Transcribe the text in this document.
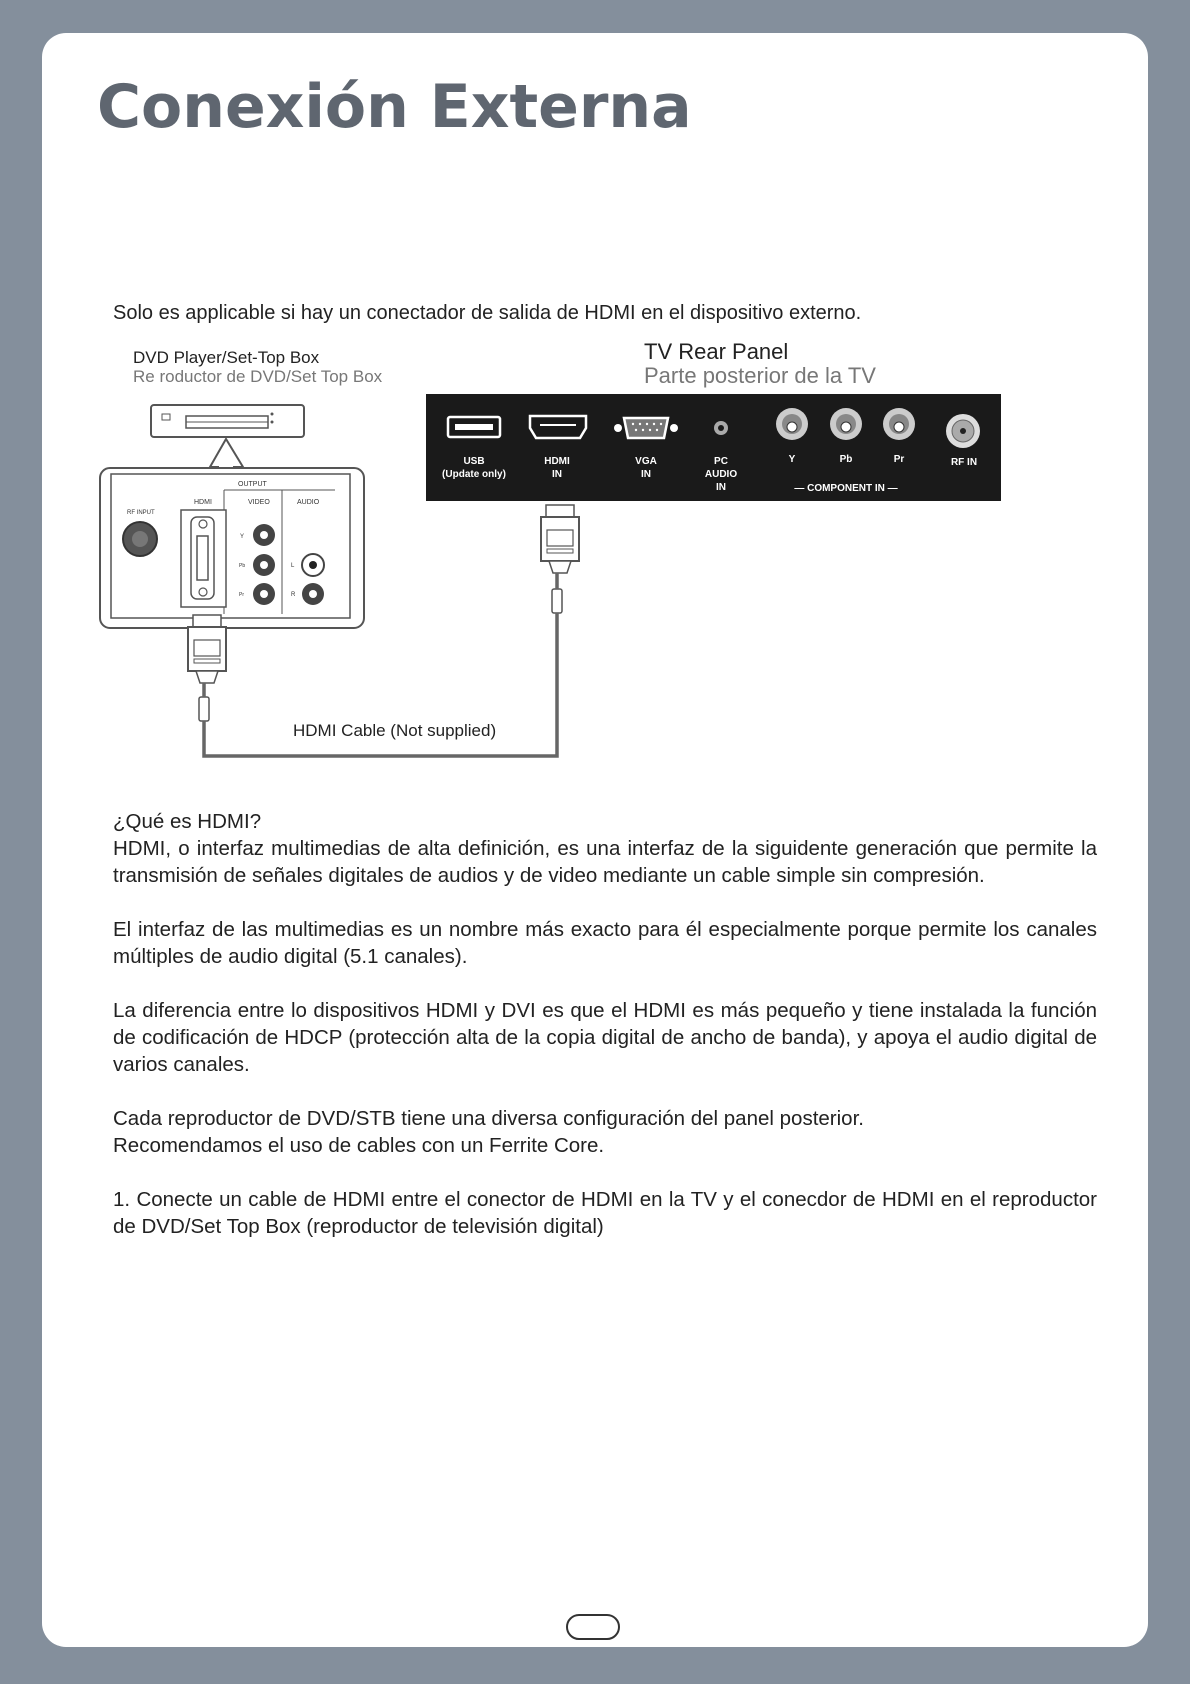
Conexión Externa
Solo es applicable si hay un conectador de salida de HDMI en el dispositivo externo.
DVD Player/Set-Top Box
Re roductor de DVD/Set Top Box
TV Rear Panel
Parte posterior de la TV
OUTPUT
RF INPUT
HDMI	VIDEO	AUDIO
Y
Pb
Pr
L
R
USB
(Update only)
HDMI
IN
VGA
IN
PC
AUDIO
IN
Y	Pb	Pr	RF IN
— COMPONENT IN —
HDMI Cable (Not supplied)

¿Qué es HDMI?
HDMI, o interfaz multimedias de alta definición, es una interfaz de la siguidente generación que permite la transmisión de señales digitales de audios y de video mediante un cable simple sin compresión.

El interfaz de las multimedias es un nombre más exacto para él especialmente porque permite los canales múltiples de audio digital (5.1 canales).

La diferencia entre lo dispositivos HDMI y DVI es que el HDMI es más pequeño y tiene instalada la función de codificación de HDCP (protección alta de la copia digital de ancho de banda), y apoya el audio digital de varios canales.

Cada reproductor de DVD/STB tiene una diversa configuración del panel posterior.
Recomendamos el uso de cables con un Ferrite Core.

1. Conecte un cable de HDMI entre el conector de HDMI en la TV y el conecdor de HDMI en el reproductor de DVD/Set Top Box (reproductor de televisión digital)
